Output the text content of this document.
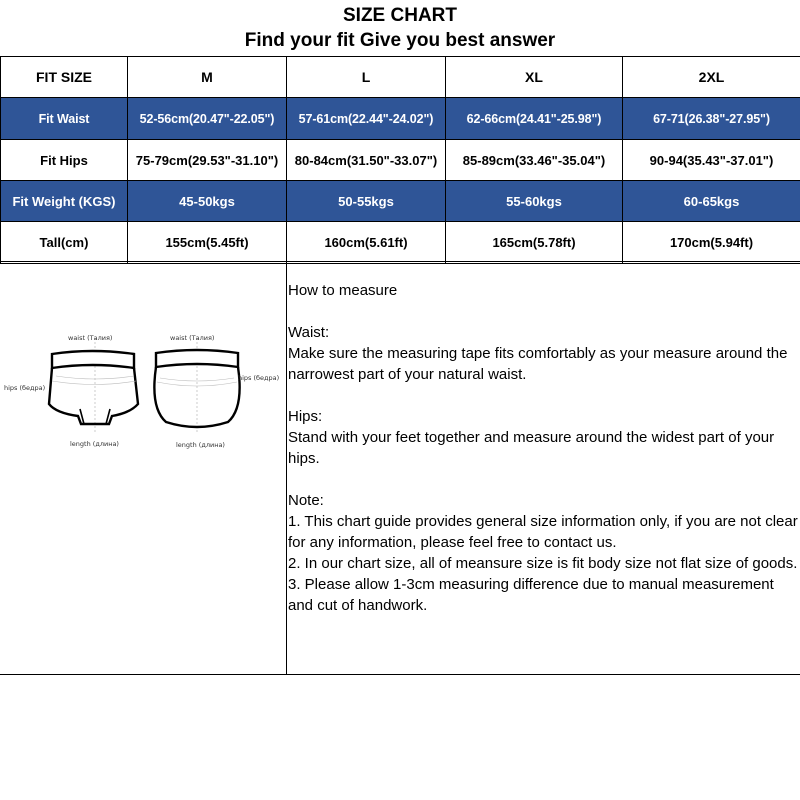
SIZE CHART
Find your fit Give you best answer
FIT SIZE	M	L	XL	2XL
Fit Waist	52-56cm(20.47"-22.05")	57-61cm(22.44"-24.02")	62-66cm(24.41"-25.98")	67-71(26.38"-27.95")
Fit Hips	75-79cm(29.53"-31.10")	80-84cm(31.50"-33.07")	85-89cm(33.46"-35.04")	90-94(35.43"-37.01")
Fit Weight (KGS)	45-50kgs	50-55kgs	55-60kgs	60-65kgs
Tall(cm)	155cm(5.45ft)	160cm(5.61ft)	165cm(5.78ft)	170cm(5.94ft)
waist (Талия)
hips (бедра)
length (длина)
waist (Талия)
hips (бедра)
length (длина)

How to measure

Waist:

Make sure the measuring tape fits comfortably as your measure around the narrowest part of your natural waist.

Hips:

Stand with your feet together and measure around the widest part of your hips.

Note:

1. This chart guide provides general size information only, if you are not clear for any information, please feel free to contact us.

2. In our chart size, all of meansure size is fit body size not flat size of goods.

3. Please allow 1-3cm measuring difference due to manual measurement and cut of handwork.
